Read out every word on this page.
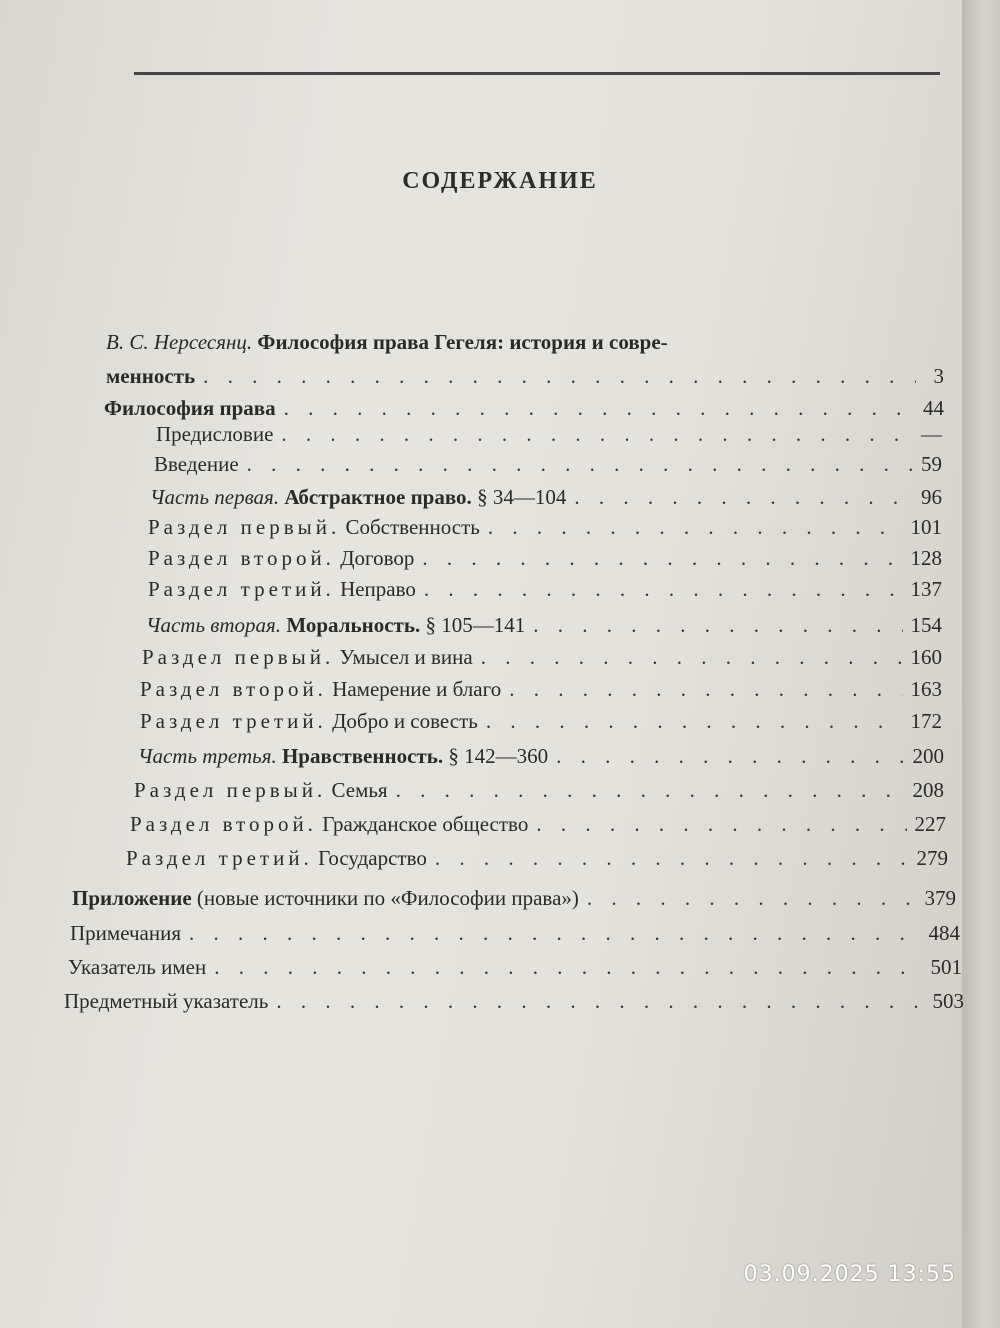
СОДЕРЖАНИЕ
В. С. Нерсесянц. Философия права Гегеля: история и совре-
менность . . .	3
Философия права . . .	44
Предисловие . . .	—
Введение . . .	59
Часть первая. Абстрактное право. § 34—104 . . .	96
Раздел первый. Собственность . . .	101
Раздел второй. Договор . . .	128
Раздел третий. Неправо . . .	137
Часть вторая. Моральность. § 105—141 . . .	154
Раздел первый. Умысел и вина . . .	160
Раздел второй. Намерение и благо . . .	163
Раздел третий. Добро и совесть . . .	172
Часть третья. Нравственность. § 142—360 . . .	200
Раздел первый. Семья . . .	208
Раздел второй. Гражданское общество . . .	227
Раздел третий. Государство . . .	279
Приложение (новые источники по «Философии права») . . .	379
Примечания . . .	484
Указатель имен . . .	501
Предметный указатель . . .	503
03.09.2025 13:55
